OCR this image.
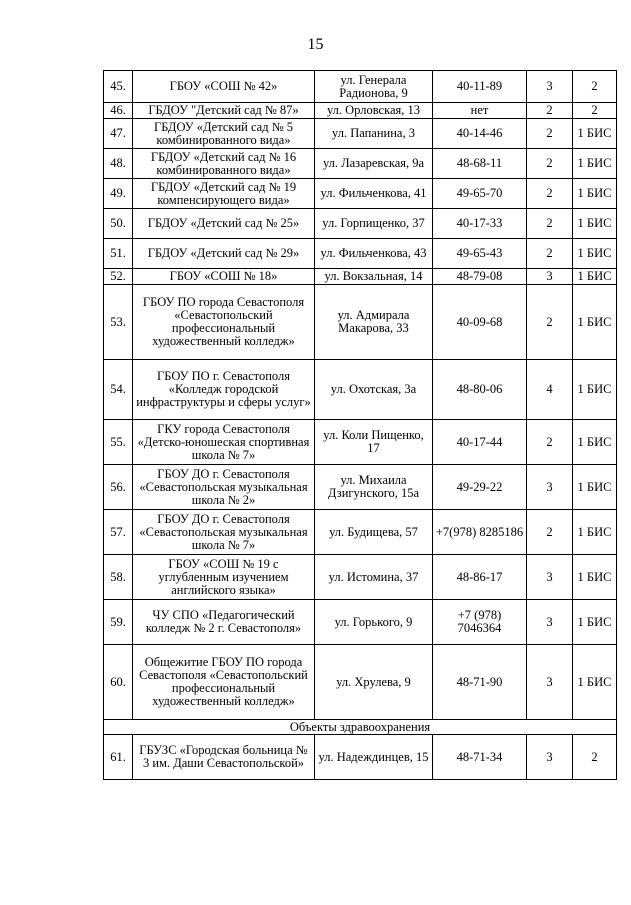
15
45.	ГБОУ «СОШ № 42»	ул. Генерала Радионова, 9	40-11-89	3	2
46.	ГБДОУ "Детский сад № 87»	ул. Орловская, 13	нет	2	2
47.	ГБДОУ «Детский сад № 5 комбинированного вида»	ул. Папанина, 3	40-14-46	2	1 БИС
48.	ГБДОУ «Детский сад № 16 комбинированного вида»	ул. Лазаревская, 9а	48-68-11	2	1 БИС
49.	ГБДОУ «Детский сад № 19 компенсирующего вида»	ул. Фильченкова, 41	49-65-70	2	1 БИС
50.	ГБДОУ «Детский сад № 25»	ул. Горпищенко, 37	40-17-33	2	1 БИС
51.	ГБДОУ «Детский сад № 29»	ул. Фильченкова, 43	49-65-43	2	1 БИС
52.	ГБОУ «СОШ № 18»	ул. Вокзальная, 14	48-79-08	3	1 БИС
53.	ГБОУ ПО города Севастополя «Севастопольский профессиональный художественный колледж»	ул. Адмирала Макарова, 33	40-09-68	2	1 БИС
54.	ГБОУ ПО г. Севастополя «Колледж городской инфраструктуры и сферы услуг»	ул. Охотская, 3а	48-80-06	4	1 БИС
55.	ГКУ города Севастополя «Детско-юношеская спортивная школа № 7»	ул. Коли Пищенко, 17	40-17-44	2	1 БИС
56.	ГБОУ ДО г. Севастополя «Севастопольская музыкальная школа № 2»	ул. Михаила Дзигунского, 15а	49-29-22	3	1 БИС
57.	ГБОУ ДО г. Севастополя «Севастопольская музыкальная школа № 7»	ул. Будищева, 57	+7(978) 8285186	2	1 БИС
58.	ГБОУ «СОШ № 19 с углубленным изучением английского языка»	ул. Истомина, 37	48-86-17	3	1 БИС
59.	ЧУ СПО «Педагогический колледж № 2 г. Севастополя»	ул. Горького, 9	+7 (978) 7046364	3	1 БИС
60.	Общежитие ГБОУ ПО города Севастополя «Севастопольский профессиональный художественный колледж»	ул. Хрулева, 9	48-71-90	3	1 БИС
Объекты здравоохранения					
61.	ГБУЗС «Городская больница № 3 им. Даши Севастопольской»	ул. Надеждинцев, 15	48-71-34	3	2
